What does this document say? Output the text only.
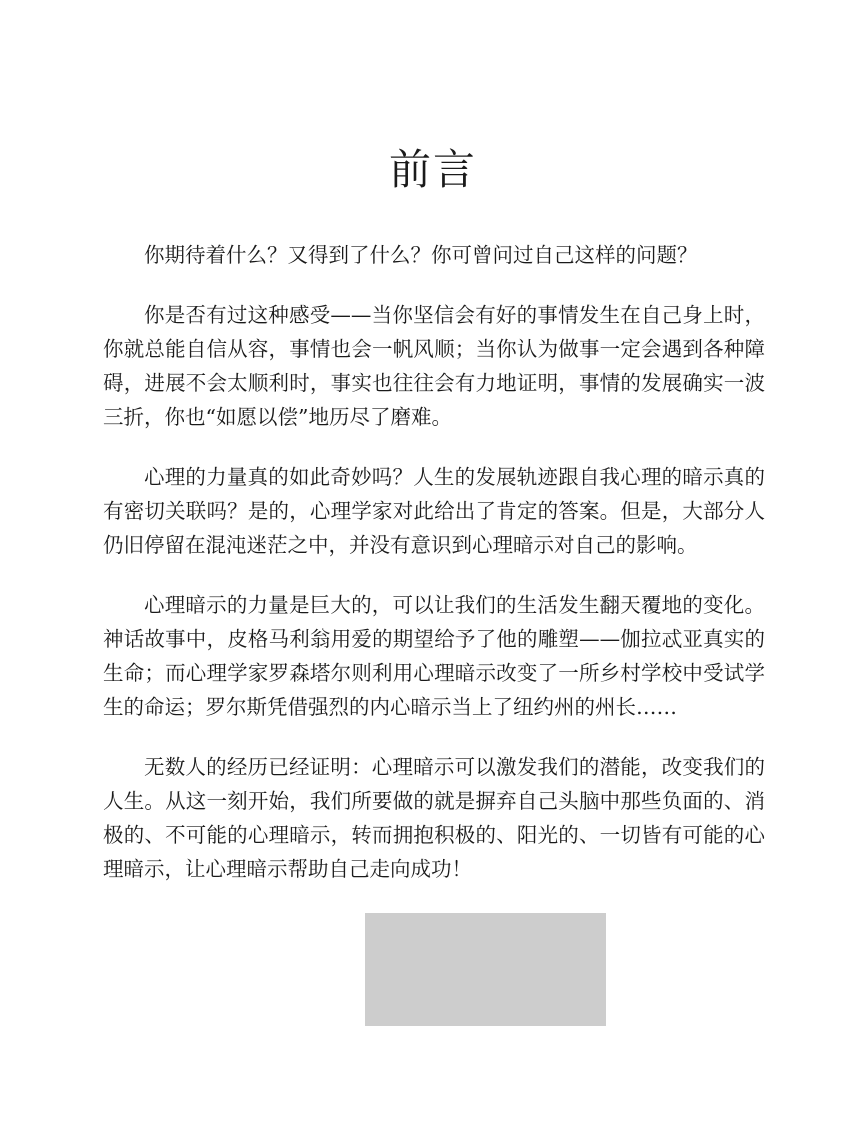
前言

你期待着什么？又得到了什么？你可曾问过自己这样的问题？

你是否有过这种感受——当你坚信会有好的事情发生在自己身上时，你就总能自信从容，事情也会一帆风顺；当你认为做事一定会遇到各种障碍，进展不会太顺利时，事实也往往会有力地证明，事情的发展确实一波三折，你也“如愿以偿”地历尽了磨难。

心理的力量真的如此奇妙吗？人生的发展轨迹跟自我心理的暗示真的有密切关联吗？是的，心理学家对此给出了肯定的答案。但是，大部分人仍旧停留在混沌迷茫之中，并没有意识到心理暗示对自己的影响。

心理暗示的力量是巨大的，可以让我们的生活发生翻天覆地的变化。神话故事中，皮格马利翁用爱的期望给予了他的雕塑——伽拉忒亚真实的生命；而心理学家罗森塔尔则利用心理暗示改变了一所乡村学校中受试学生的命运；罗尔斯凭借强烈的内心暗示当上了纽约州的州长……

无数人的经历已经证明：心理暗示可以激发我们的潜能，改变我们的人生。从这一刻开始，我们所要做的就是摒弃自己头脑中那些负面的、消极的、不可能的心理暗示，转而拥抱积极的、阳光的、一切皆有可能的心理暗示，让心理暗示帮助自己走向成功！
